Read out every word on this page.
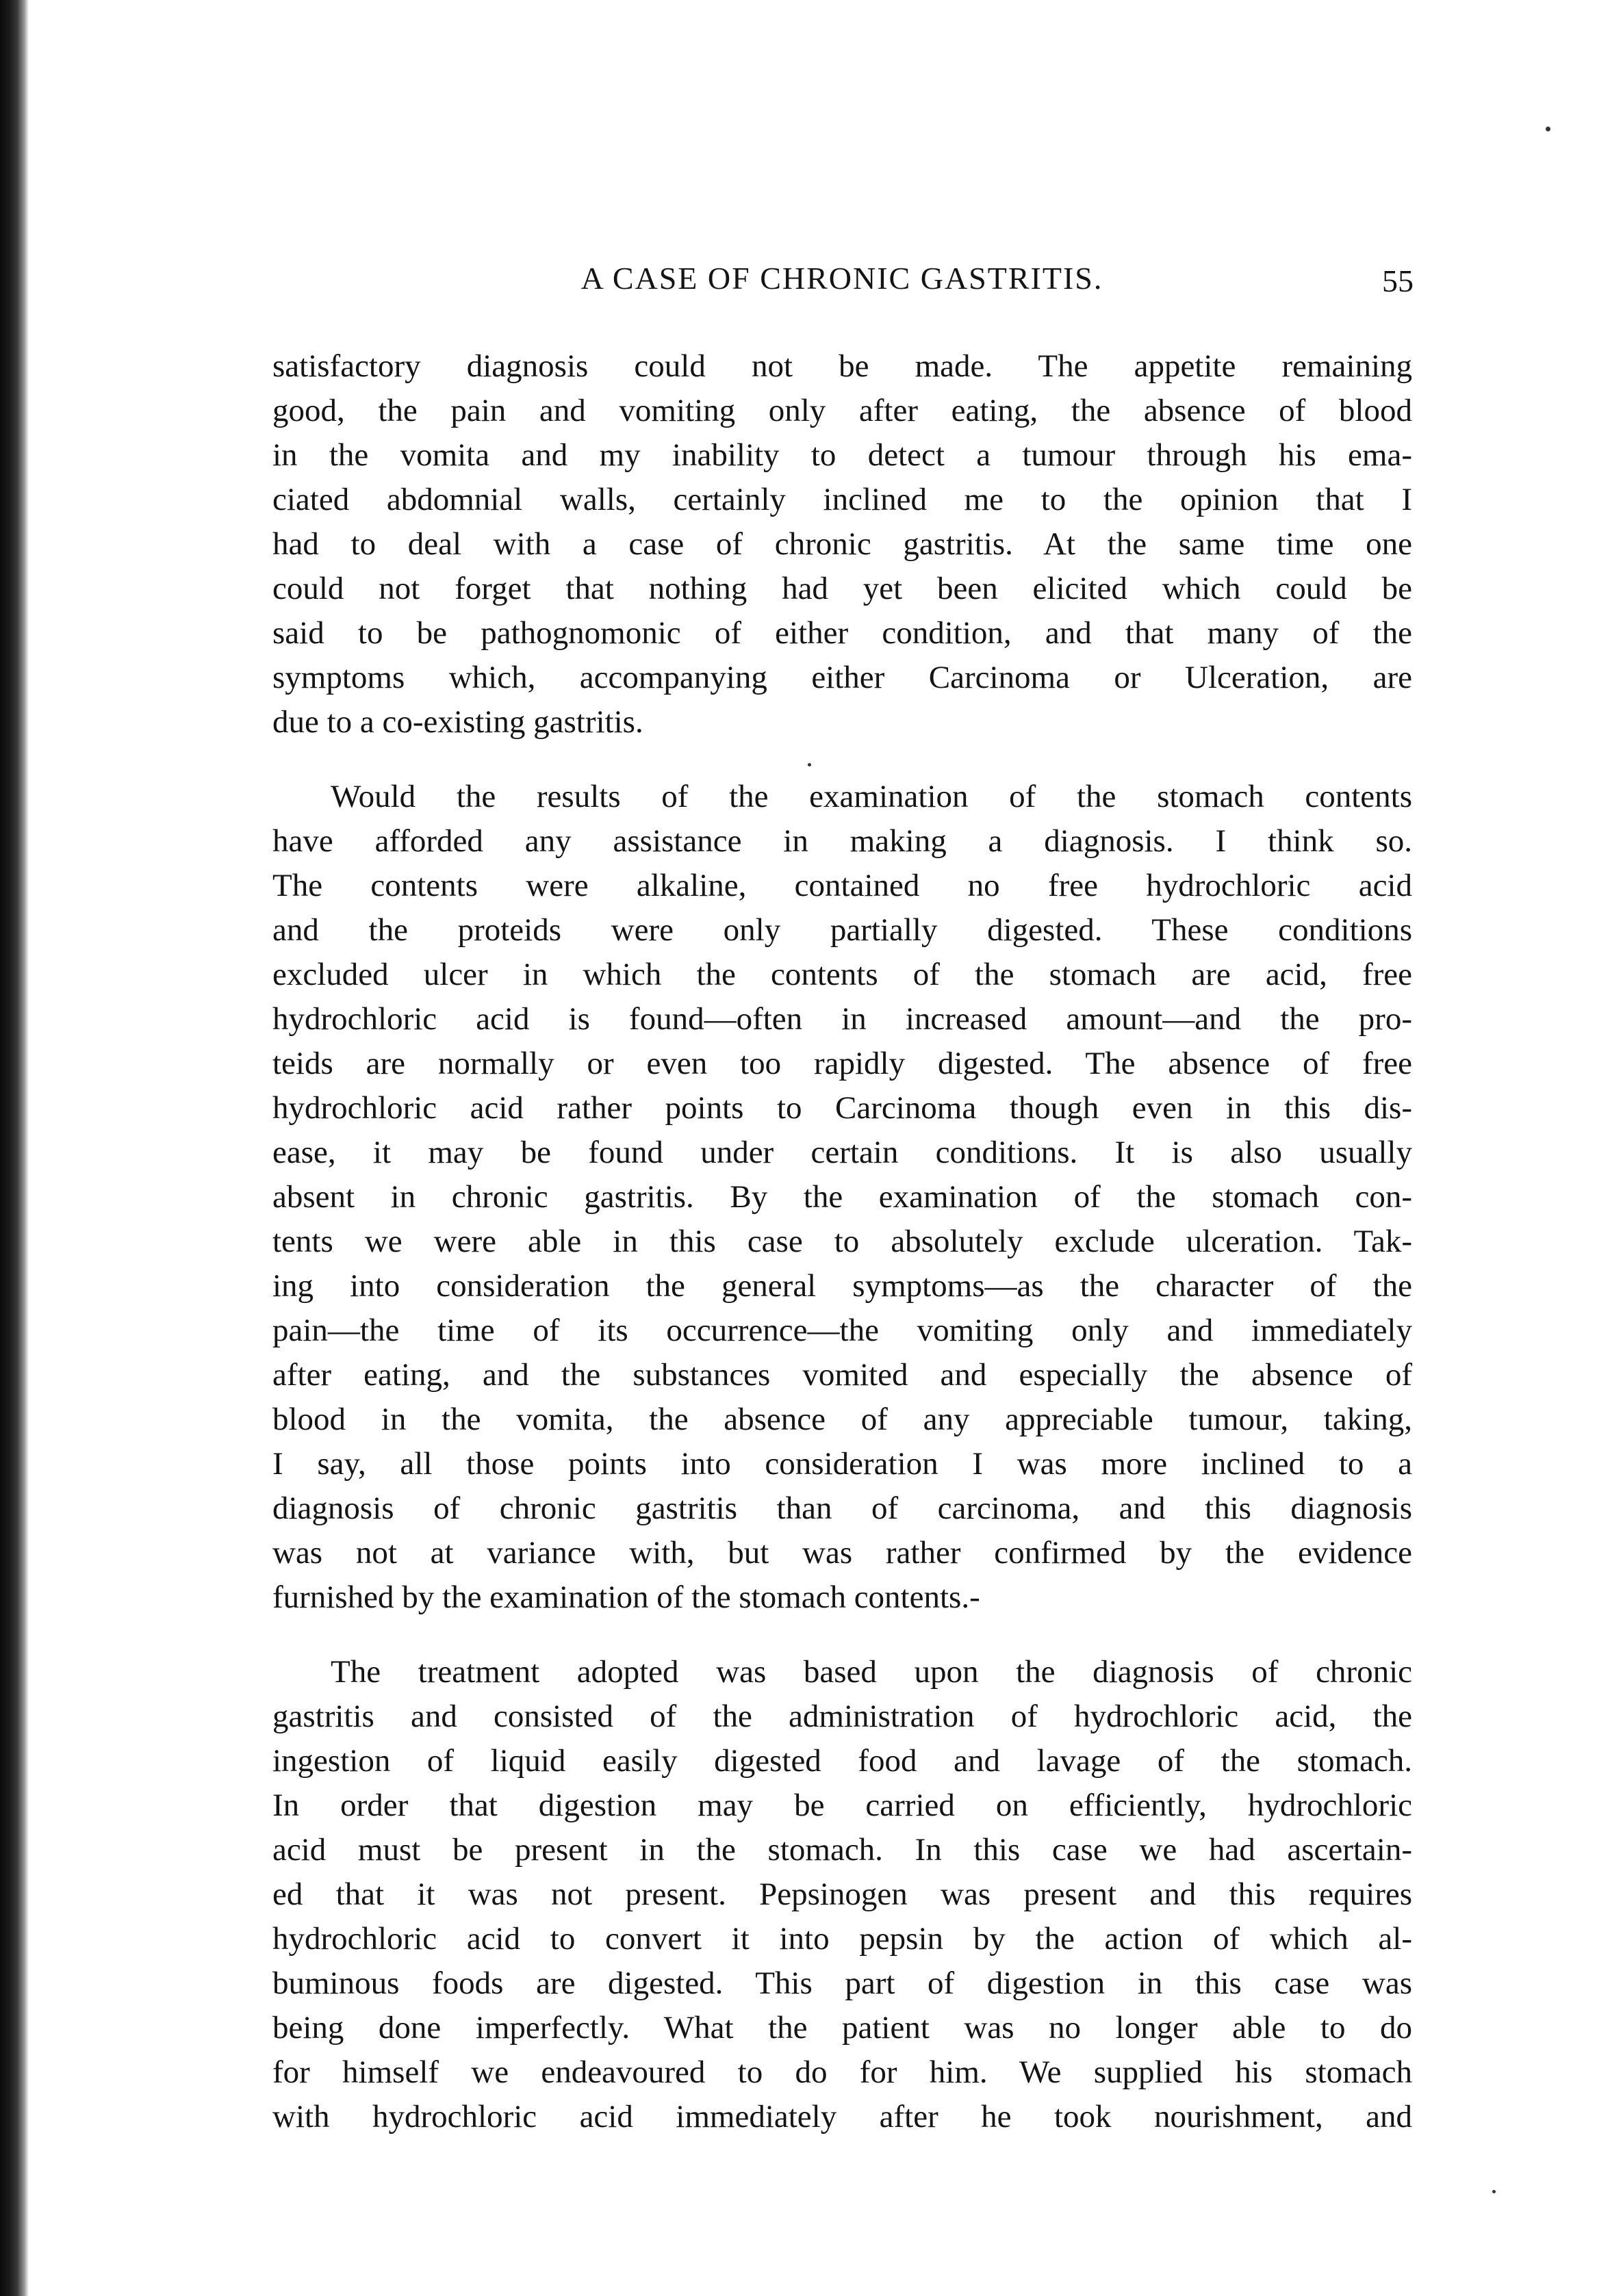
A CASE OF CHRONIC GASTRITIS.	55
satisfactory diagnosis could not be made. The appetite remaining
good, the pain and vomiting only after eating, the absence of blood
in the vomita and my inability to detect a tumour through his ema-
ciated abdomnial walls, certainly inclined me to the opinion that I
had to deal with a case of chronic gastritis. At the same time one
could not forget that nothing had yet been elicited which could be
said to be pathognomonic of either condition, and that many of the
symptoms which, accompanying either Carcinoma or Ulceration, are
due to a co-existing gastritis.
Would the results of the examination of the stomach contents
have afforded any assistance in making a diagnosis. I think so.
The contents were alkaline, contained no free hydrochloric acid
and the proteids were only partially digested. These conditions
excluded ulcer in which the contents of the stomach are acid, free
hydrochloric acid is found—often in increased amount—and the pro-
teids are normally or even too rapidly digested. The absence of free
hydrochloric acid rather points to Carcinoma though even in this dis-
ease, it may be found under certain conditions. It is also usually
absent in chronic gastritis. By the examination of the stomach con-
tents we were able in this case to absolutely exclude ulceration. Tak-
ing into consideration the general symptoms—as the character of the
pain—the time of its occurrence—the vomiting only and immediately
after eating, and the substances vomited and especially the absence of
blood in the vomita, the absence of any appreciable tumour, taking,
I say, all those points into consideration I was more inclined to a
diagnosis of chronic gastritis than of carcinoma, and this diagnosis
was not at variance with, but was rather confirmed by the evidence
furnished by the examination of the stomach contents.-
The treatment adopted was based upon the diagnosis of chronic
gastritis and consisted of the administration of hydrochloric acid, the
ingestion of liquid easily digested food and lavage of the stomach.
In order that digestion may be carried on efficiently, hydrochloric
acid must be present in the stomach. In this case we had ascertain-
ed that it was not present. Pepsinogen was present and this requires
hydrochloric acid to convert it into pepsin by the action of which al-
buminous foods are digested. This part of digestion in this case was
being done imperfectly. What the patient was no longer able to do
for himself we endeavoured to do for him. We supplied his stomach
with hydrochloric acid immediately after he took nourishment, and
